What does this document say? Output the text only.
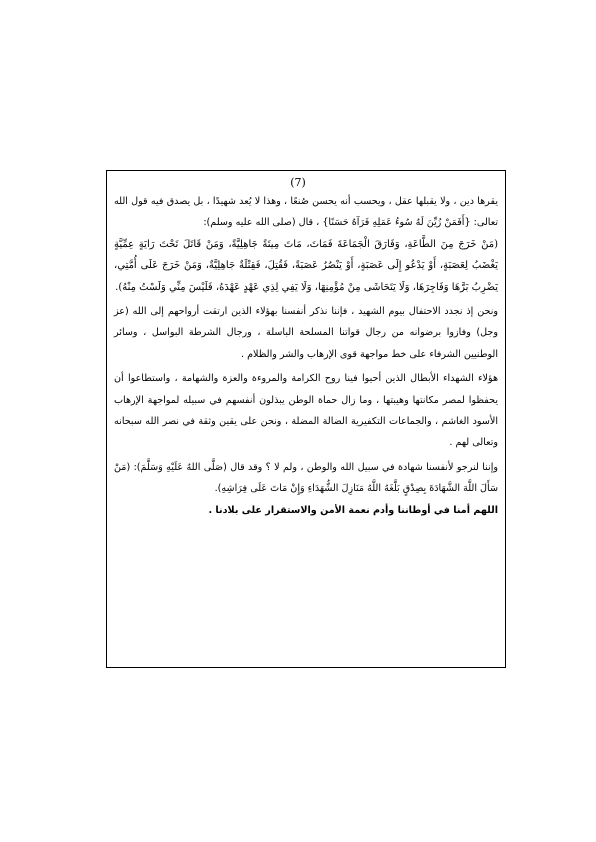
(7)

يقرها دين ، ولا يقبلها عقل ، ويحسب أنه يحسن صُنعًا ، وهذا لا يُعد شهيدًا ، بل يصدق فيه قول الله تعالى: {أَفَمَنْ زُيِّنَ لَهُ سُوءُ عَمَلِهِ فَرَآهُ حَسَنًا} ، قال (صلى الله عليه وسلم):

(مَنْ خَرَجَ مِنَ الطَّاعَةِ، وَفَارَقَ الْجَمَاعَةَ فَمَاتَ، مَاتَ مِيتَةً جَاهِلِيَّةً، وَمَنْ قَاتَلَ تَحْتَ رَايَةٍ عِمِّيَّةٍ يَغْضَبُ لِعَصَبَةٍ، أَوْ يَدْعُو إِلَى عَصَبَةٍ، أَوْ يَنْصُرُ عَصَبَةً، فَقُتِلَ، فَقِتْلَةٌ جَاهِلِيَّةٌ، وَمَنْ خَرَجَ عَلَى أُمَّتِي، يَضْرِبُ بَرَّهَا وَفَاجِرَهَا، وَلَا يَتَحَاشَى مِنْ مُؤْمِنِهَا، وَلَا يَفِي لِذِي عَهْدٍ عَهْدَهُ، فَلَيْسَ مِنِّي وَلَسْتُ مِنْهُ).

ونحن إذ نجدد الاحتفال بيوم الشهيد ، فإننا نذكر أنفسنا بهؤلاء الذين ارتقت أرواحهم إلى الله (عز وجل) وفازوا برضوانه من رجال قواتنا المسلحة الباسلة ، ورجال الشرطة البواسل ، وسائر الوطنيين الشرفاء على خط مواجهة قوى الإرهاب والشر والظلام .

هؤلاء الشهداء الأبطال الذين أحيوا فينا روح الكرامة والمروءة والعزة والشهامة ، واستطاعوا أن يحفظوا لمصر مكانتها وهيبتها ، وما زال حماة الوطن يبذلون أنفسهم في سبيله لمواجهة الإرهاب الأسود الغاشم ، والجماعات التكفيرية الضالة المضلة ، ونحن على يقين وثقة في نصر الله سبحانه وتعالى لهم .

وإننا لنرجو لأنفسنا شهادة في سبيل الله والوطن ، ولم لا ؟ وقد قال (صَلَّى اللهُ عَلَيْهِ وَسَلَّمَ): (مَنْ سَأَلَ اللَّهَ الشَّهَادَةَ بِصِدْقٍ بَلَّغَهُ اللَّهُ مَنَازِلَ الشُّهَدَاءِ وَإِنْ مَاتَ عَلَى فِرَاشِهِ).

اللهم أمنا في أوطاننا وأدم نعمة الأمن والاستقرار على بلادنا .
